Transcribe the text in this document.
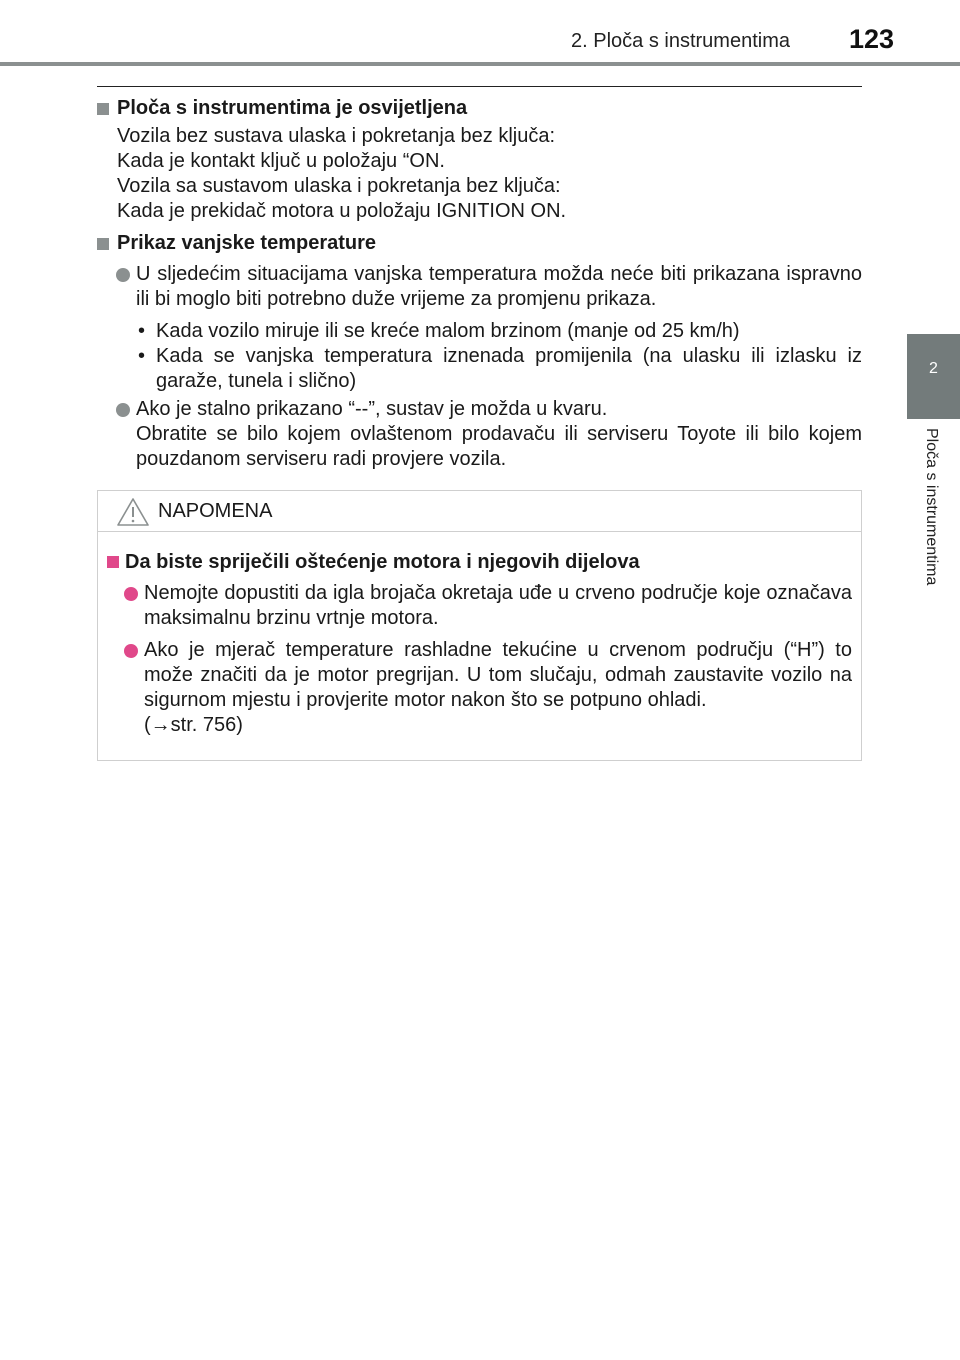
2. Ploča s instrumentima 123
2
Ploča s instrumentima
Ploča s instrumentima je osvijetljena
Vozila bez sustava ulaska i pokretanja bez ključa:
Kada je kontakt ključ u položaju “ON.
Vozila sa sustavom ulaska i pokretanja bez ključa:
Kada je prekidač motora u položaju IGNITION ON.
Prikaz vanjske temperature
U sljedećim situacijama vanjska temperatura možda neće biti prikazana ispravno ili bi moglo biti potrebno duže vrijeme za promjenu prikaza.
• Kada vozilo miruje ili se kreće malom brzinom (manje od 25 km/h)
• Kada se vanjska temperatura iznenada promijenila (na ulasku ili izlasku iz garaže, tunela i slično)
Ako je stalno prikazano “--”, sustav je možda u kvaru.
Obratite se bilo kojem ovlaštenom prodavaču ili serviseru Toyote ili bilo kojem pouzdanom serviseru radi provjere vozila.
NAPOMENA
Da biste spriječili oštećenje motora i njegovih dijelova
Nemojte dopustiti da igla brojača okretaja uđe u crveno područje koje označava maksimalnu brzinu vrtnje motora.
Ako je mjerač temperature rashladne tekućine u crvenom području (“H”) to može značiti da je motor pregrijan. U tom slučaju, odmah zaustavite vozilo na sigurnom mjestu i provjerite motor nakon što se potpuno ohladi.
(→str. 756)
